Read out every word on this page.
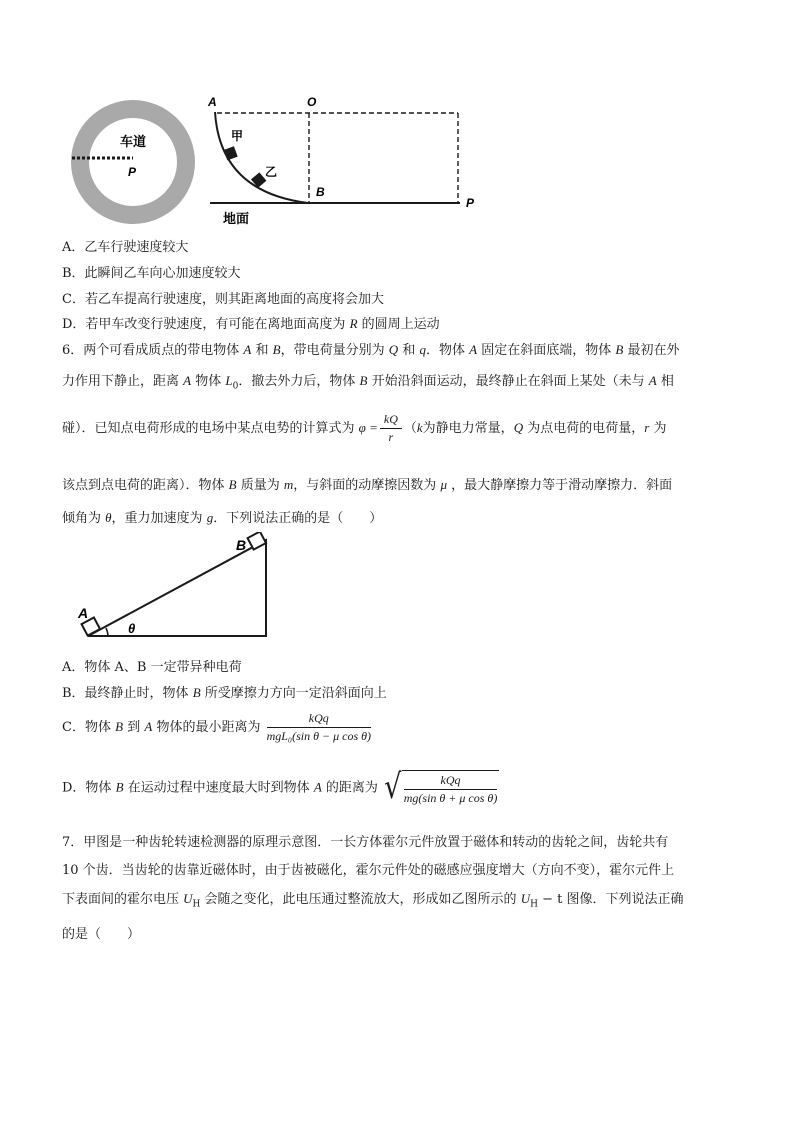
车道
P
A	O
甲
乙
B
P
地面
A．乙车行驶速度较大
B．此瞬间乙车向心加速度较大
C．若乙车提高行驶速度，则其距离地面的高度将会加大
D．若甲车改变行驶速度，有可能在离地面高度为 R 的圆周上运动
6．两个可看成质点的带电物体 A 和 B，带电荷量分别为 Q 和 q．物体 A 固定在斜面底端，物体 B 最初在外
力作用下静止，距离 A 物体 $L_0$．撤去外力后，物体 B 开始沿斜面运动，最终静止在斜面上某处（未与 A 相
碰）．已知点电荷形成的电场中某点电势的计算式为 $\varphi = \frac{kQ}{r} (k$为静电力常量，Q 为点电荷的电荷量，r 为
该点到点电荷的距离）．物体 B 质量为 m，与斜面的动摩擦因数为 μ ，最大静摩擦力等于滑动摩擦力．斜面
倾角为 θ，重力加速度为 g．下列说法正确的是（　　）
B
A
θ
A．物体 A、B 一定带异种电荷
B．最终静止时，物体 B 所受摩擦力方向一定沿斜面向上
C．物体 B 到 A 物体的最小距离为 $\frac{\text{kQq}}{\text{mgL₀(sin θ − μ cos θ)}}$
D．物体 B 在运动过程中速度最大时到物体 A 的距离为 √ $\frac{\text{kQq}}{\text{mg(sin θ + μ cos θ)}}$
7．甲图是一种齿轮转速检测器的原理示意图．一长方体霍尔元件放置于磁体和转动的齿轮之间，齿轮共有
10 个齿．当齿轮的齿靠近磁体时，由于齿被磁化，霍尔元件处的磁感应强度增大（方向不变），霍尔元件上
下表面间的霍尔电压 $U_H$ 会随之变化，此电压通过整流放大，形成如乙图所示的 $U_H - t$ 图像．下列说法正确
的是（　　）
